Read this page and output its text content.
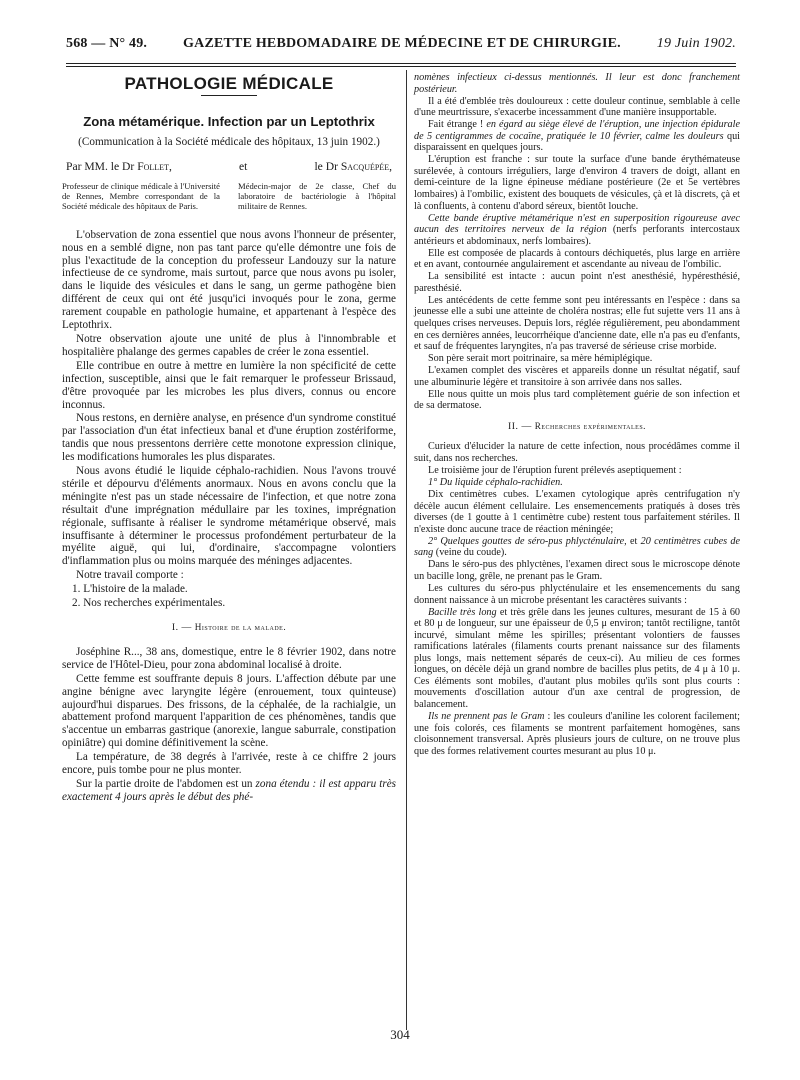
568 — N° 49.	GAZETTE HEBDOMADAIRE DE MÉDECINE ET DE CHIRURGIE.	19 Juin 1902.
PATHOLOGIE MÉDICALE
Zona métamérique. Infection par un Leptothrix
(Communication à la Société médicale des hôpitaux, 13 juin 1902.)
Par MM. le Dr Follet,	et	le Dr Sacquépée,
Professeur de clinique médicale à l'Université de Rennes, Membre correspondant de la Société médicale des hôpitaux de Paris.
Médecin-major de 2e classe, Chef du laboratoire de bactériologie à l'hôpital militaire de Rennes.

L'observation de zona essentiel que nous avons l'honneur de présenter, nous en a semblé digne, non pas tant parce qu'elle démontre une fois de plus l'exactitude de la conception du professeur Landouzy sur la nature infectieuse de ce syndrome, mais surtout, parce que nous avons pu isoler, dans le liquide des vésicules et dans le sang, un germe pathogène bien différent de ceux qui ont été jusqu'ici invoqués pour le zona, germe rarement coupable en pathologie humaine, et appartenant à l'espèce des Leptothrix.

Notre observation ajoute une unité de plus à l'innombrable et hospitalière phalange des germes capables de créer le zona essentiel.

Elle contribue en outre à mettre en lumière la non spécificité de cette infection, susceptible, ainsi que le fait remarquer le professeur Brissaud, d'être provoquée par les microbes les plus divers, connus ou encore inconnus.

Nous restons, en dernière analyse, en présence d'un syndrome constitué par l'association d'un état infectieux banal et d'une éruption zostériforme, tandis que nous pressentons derrière cette monotone expression clinique, les modifications humorales les plus disparates.

Nous avons étudié le liquide céphalo-rachidien. Nous l'avons trouvé stérile et dépourvu d'éléments anormaux. Nous en avons conclu que la méningite n'est pas un stade nécessaire de l'infection, et que notre zona résultait d'une imprégnation médullaire par les toxines, imprégnation régionale, suffisante à réaliser le syndrome métamérique observé, mais insuffisante à déterminer le processus profondément perturbateur de la myélite aiguë, qui lui, d'ordinaire, s'accompagne volontiers d'inflammation plus ou moins marquée des méninges adjacentes.

Notre travail comporte :

1. L'histoire de la malade.

2. Nos recherches expérimentales.

I. — Histoire de la malade.

Joséphine R..., 38 ans, domestique, entre le 8 février 1902, dans notre service de l'Hôtel-Dieu, pour zona abdominal localisé à droite.

Cette femme est souffrante depuis 8 jours. L'affection débute par une angine bénigne avec laryngite légère (enrouement, toux quinteuse) aujourd'hui disparues. Des frissons, de la céphalée, de la rachialgie, un abattement profond marquent l'apparition de ces phénomènes, tandis que s'accentue un embarras gastrique (anorexie, langue saburrale, constipation opiniâtre) qui domine définitivement la scène.

La température, de 38 degrés à l'arrivée, reste à ce chiffre 2 jours encore, puis tombe pour ne plus monter.

Sur la partie droite de l'abdomen est un zona étendu : il est apparu très exactement 4 jours après le début des phé-

nomènes infectieux ci-dessus mentionnés. Il leur est donc franchement postérieur.

Il a été d'emblée très douloureux : cette douleur continue, semblable à celle d'une meurtrissure, s'exacerbe incessamment d'une manière insupportable.

Fait étrange ! en égard au siège élevé de l'éruption, une injection épidurale de 5 centigrammes de cocaïne, pratiquée le 10 février, calme les douleurs qui disparaissent en quelques jours.

L'éruption est franche : sur toute la surface d'une bande érythémateuse surélevée, à contours irréguliers, large d'environ 4 travers de doigt, allant en demi-ceinture de la ligne épineuse médiane postérieure (2e et 5e vertèbres lombaires) à l'ombilic, existent des bouquets de vésicules, çà et là discrets, çà et là confluents, à contenu d'abord séreux, bientôt louche.

Cette bande éruptive métamérique n'est en superposition rigoureuse avec aucun des territoires nerveux de la région (nerfs perforants intercostaux antérieurs et abdominaux, nerfs lombaires).

Elle est composée de placards à contours déchiquetés, plus large en arrière et en avant, contournée angulairement et ascendante au niveau de l'ombilic.

La sensibilité est intacte : aucun point n'est anesthésié, hypéresthésié, paresthésié.

Les antécédents de cette femme sont peu intéressants en l'espèce : dans sa jeunesse elle a subi une atteinte de choléra nostras; elle fut sujette vers 11 ans à quelques crises nerveuses. Depuis lors, réglée régulièrement, peu abondamment en ces dernières années, leucorrhéique d'ancienne date, elle n'a pas eu d'enfants, et sauf de fréquentes laryngites, n'a pas traversé de sérieuse crise morbide.

Son père serait mort poitrinaire, sa mère hémiplégique.

L'examen complet des viscères et appareils donne un résultat négatif, sauf une albuminurie légère et transitoire à son arrivée dans nos salles.

Elle nous quitte un mois plus tard complètement guérie de son infection et de sa dermatose.

II. — Recherches expérimentales.

Curieux d'élucider la nature de cette infection, nous procédâmes comme il suit, dans nos recherches.

Le troisième jour de l'éruption furent prélevés aseptiquement :

1° Du liquide céphalo-rachidien.

Dix centimètres cubes. L'examen cytologique après centrifugation n'y décèle aucun élément cellulaire. Les ensemencements pratiqués à doses très diverses (de 1 goutte à 1 centimètre cube) restent tous parfaitement stériles. Il n'existe donc aucune trace de réaction méningée;

2° Quelques gouttes de séro-pus phlycténulaire, et 20 centimètres cubes de sang (veine du coude).

Dans le séro-pus des phlyctènes, l'examen direct sous le microscope dénote un bacille long, grêle, ne prenant pas le Gram.

Les cultures du séro-pus phlycténulaire et les ensemencements du sang donnent naissance à un microbe présentant les caractères suivants :

Bacille très long et très grêle dans les jeunes cultures, mesurant de 15 à 60 et 80 μ de longueur, sur une épaisseur de 0,5 μ environ; tantôt rectiligne, tantôt incurvé, simulant même les spirilles; présentant volontiers de fausses ramifications latérales (filaments courts prenant naissance sur des filaments plus longs, mais nettement séparés de ceux-ci). Au milieu de ces formes longues, on décèle déjà un grand nombre de bacilles plus petits, de 4 μ à 10 μ. Ces éléments sont mobiles, d'autant plus mobiles qu'ils sont plus courts : mouvements d'oscillation autour d'un axe central de progression, de balancement.

Ils ne prennent pas le Gram : les couleurs d'aniline les colorent facilement; une fois colorés, ces filaments se montrent parfaitement homogènes, sans cloisonnement transversal. Après plusieurs jours de culture, on ne trouve plus que des formes relativement courtes mesurant au plus 10 μ.

304
